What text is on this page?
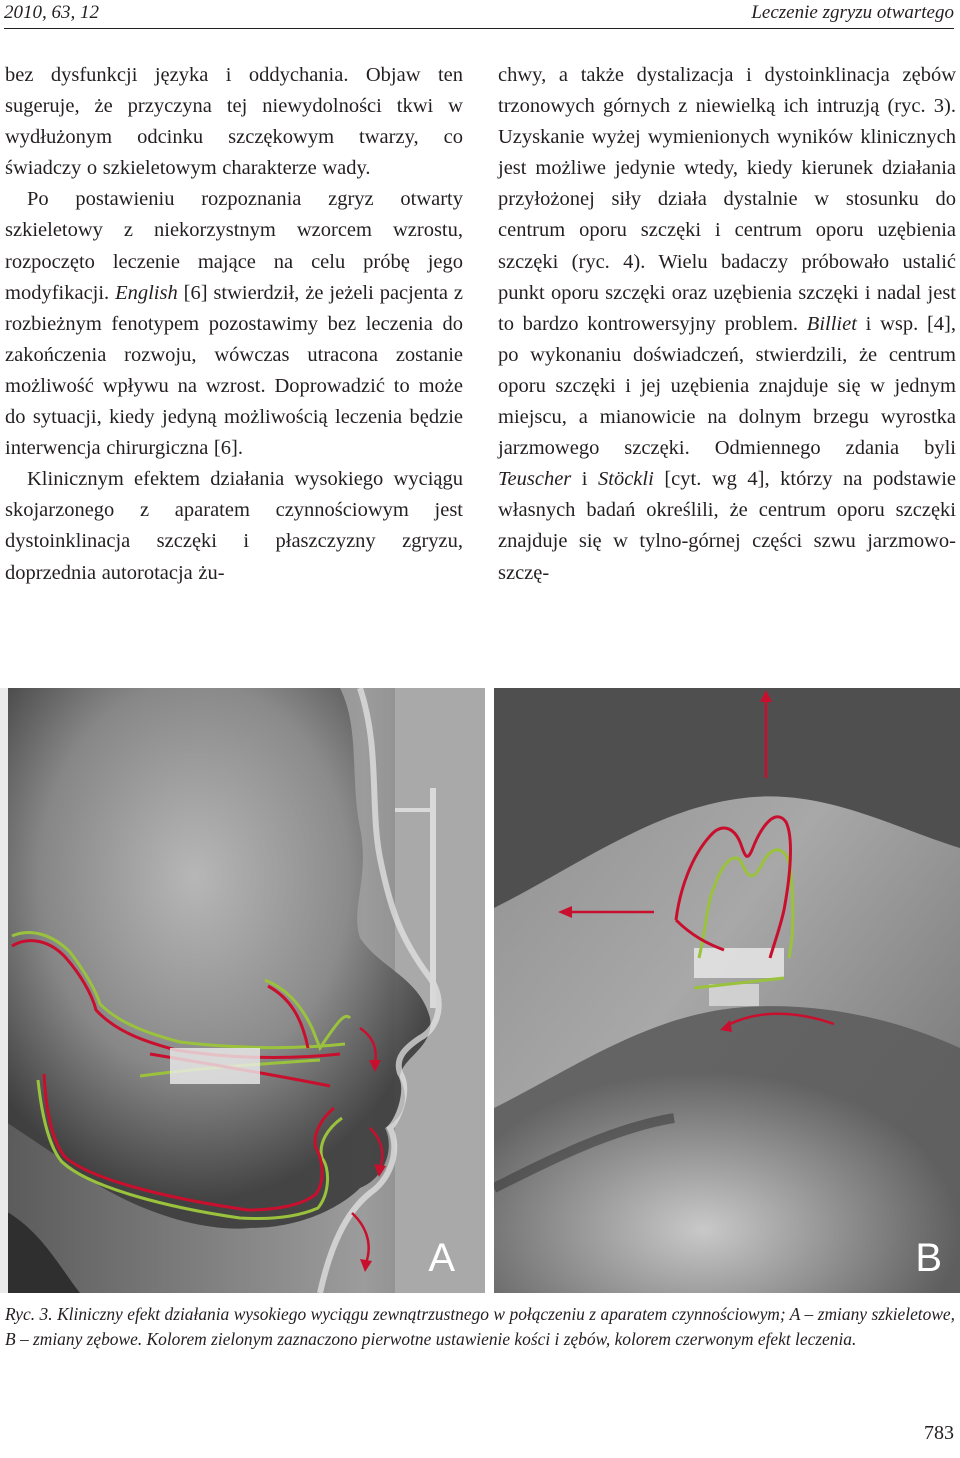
2010, 63, 12	Leczenie zgryzu otwartego

bez dysfunkcji języka i oddychania. Objaw ten sugeruje, że przyczyna tej niewydolności tkwi w wydłużonym odcinku szczękowym twarzy, co świadczy o szkieletowym charakterze wady.

Po postawieniu rozpoznania zgryz otwarty szkieletowy z niekorzystnym wzorcem wzrostu, rozpoczęto leczenie mające na celu próbę jego modyfikacji. English [6] stwierdził, że jeżeli pacjenta z rozbieżnym fenotypem pozostawimy bez leczenia do zakończenia rozwoju, wówczas utracona zostanie możliwość wpływu na wzrost. Doprowadzić to może do sytuacji, kiedy jedyną możliwością leczenia będzie interwencja chirurgiczna [6].

Klinicznym efektem działania wysokiego wyciągu skojarzonego z aparatem czynnościowym jest dystoinklinacja szczęki i płaszczyzny zgryzu, doprzednia autorotacja żu-

chwy, a także dystalizacja i dystoinklinacja zębów trzonowych górnych z niewielką ich intruzją (ryc. 3). Uzyskanie wyżej wymienionych wyników klinicznych jest możliwe jedynie wtedy, kiedy kierunek działania przyłożonej siły działa dystalnie w stosunku do centrum oporu szczęki i centrum oporu uzębienia szczęki (ryc. 4). Wielu badaczy próbowało ustalić punkt oporu szczęki oraz uzębienia szczęki i nadal jest to bardzo kontrowersyjny problem. Billiet i wsp. [4], po wykonaniu doświadczeń, stwierdzili, że centrum oporu szczęki i jej uzębienia znajduje się w jednym miejscu, a mianowicie na dolnym brzegu wyrostka jarzmowego szczęki. Odmiennego zdania byli Teuscher i Stöckli [cyt. wg 4], którzy na podstawie własnych badań określili, że centrum oporu szczęki znajduje się w tylno-górnej części szwu jarzmowo-szczę-

A	B
Ryc. 3. Kliniczny efekt działania wysokiego wyciągu zewnątrzustnego w połączeniu z aparatem czynnościowym; A – zmiany szkieletowe, B – zmiany zębowe. Kolorem zielonym zaznaczono pierwotne ustawienie kości i zębów, kolorem czerwonym efekt leczenia.
783
